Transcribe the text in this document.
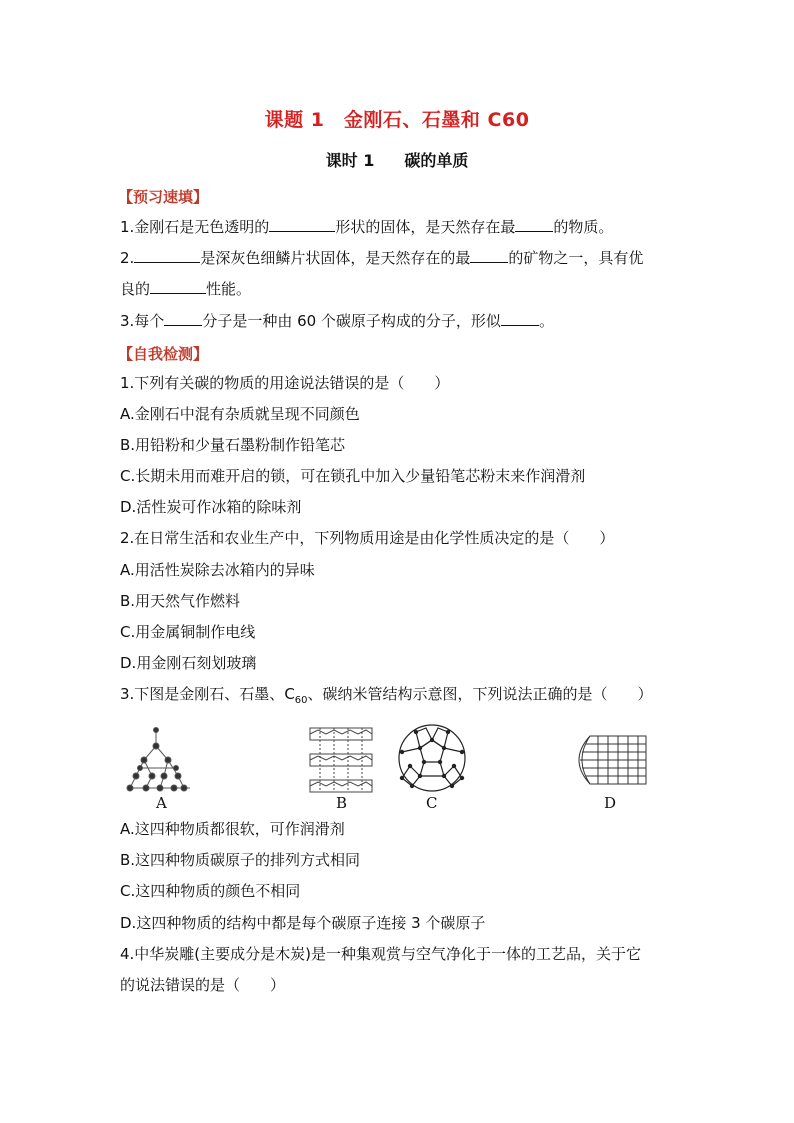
课题 1　金刚石、石墨和 C60
课时 1 碳的单质
【预习速填】
1.金刚石是无色透明的	形状的固体，是天然存在最	的物质。
2.	是深灰色细鳞片状固体，是天然存在的最	的矿物之一，具有优
良的	性能。
3.每个	分子是一种由 60 个碳原子构成的分子，形似	。
【自我检测】
1.下列有关碳的物质的用途说法错误的是（　　）
A.金刚石中混有杂质就呈现不同颜色
B.用铅粉和少量石墨粉制作铅笔芯
C.长期未用而难开启的锁，可在锁孔中加入少量铅笔芯粉末来作润滑剂
D.活性炭可作冰箱的除味剂
2.在日常生活和农业生产中，下列物质用途是由化学性质决定的是（　　）
A.用活性炭除去冰箱内的异味
B.用天然气作燃料
C.用金属铜制作电线
D.用金刚石刻划玻璃
3.下图是金刚石、石墨、$C_{60}$、碳纳米管结构示意图，下列说法正确的是（　　）
A	B	C	D
A.这四种物质都很软，可作润滑剂
B.这四种物质碳原子的排列方式相同
C.这四种物质的颜色不相同
D.这四种物质的结构中都是每个碳原子连接 3 个碳原子
4.中华炭雕(主要成分是木炭)是一种集观赏与空气净化于一体的工艺品，关于它
的说法错误的是（　　）
